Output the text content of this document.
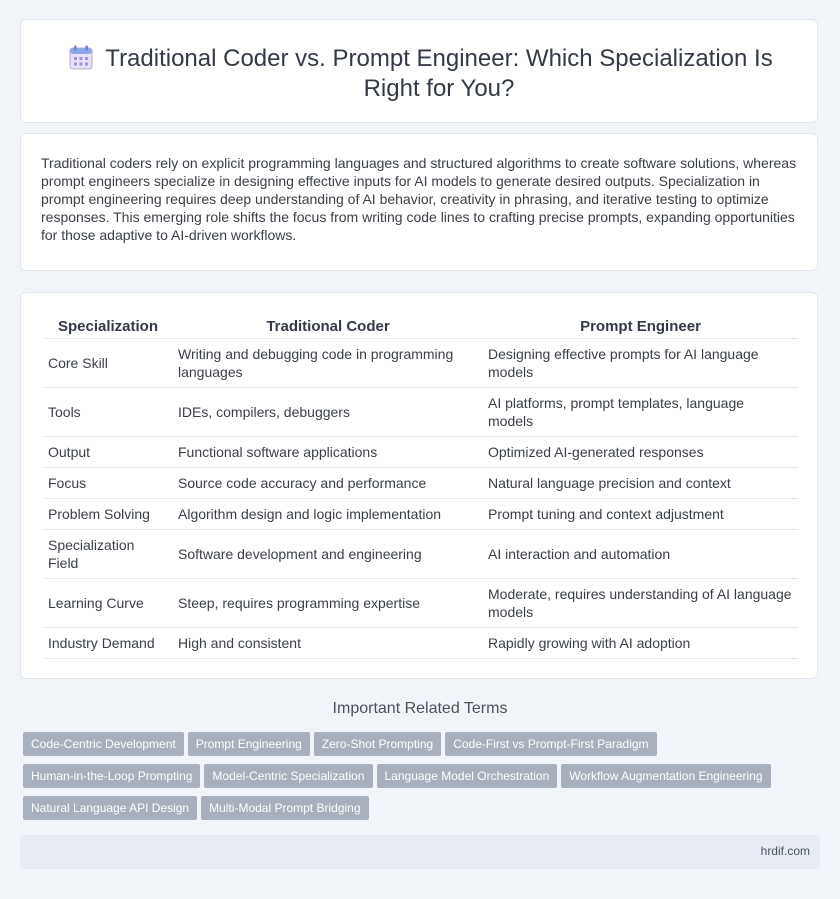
Traditional Coder vs. Prompt Engineer: Which Specialization Is Right for You?

Traditional coders rely on explicit programming languages and structured algorithms to create software solutions, whereas prompt engineers specialize in designing effective inputs for AI models to generate desired outputs. Specialization in prompt engineering requires deep understanding of AI behavior, creativity in phrasing, and iterative testing to optimize responses. This emerging role shifts the focus from writing code lines to crafting precise prompts, expanding opportunities for those adaptive to AI-driven workflows.

Specialization	Traditional Coder	Prompt Engineer
Core Skill	Writing and debugging code in programming languages	Designing effective prompts for AI language models
Tools	IDEs, compilers, debuggers	AI platforms, prompt templates, language models
Output	Functional software applications	Optimized AI-generated responses
Focus	Source code accuracy and performance	Natural language precision and context
Problem Solving	Algorithm design and logic implementation	Prompt tuning and context adjustment
Specialization Field	Software development and engineering	AI interaction and automation
Learning Curve	Steep, requires programming expertise	Moderate, requires understanding of AI language models
Industry Demand	High and consistent	Rapidly growing with AI adoption
Important Related Terms
Code-Centric Development Prompt Engineering Zero-Shot Prompting Code-First vs Prompt-First Paradigm
Human-in-the-Loop Prompting Model-Centric Specialization Language Model Orchestration Workflow Augmentation Engineering
Natural Language API Design Multi-Modal Prompt Bridging
hrdif.com
